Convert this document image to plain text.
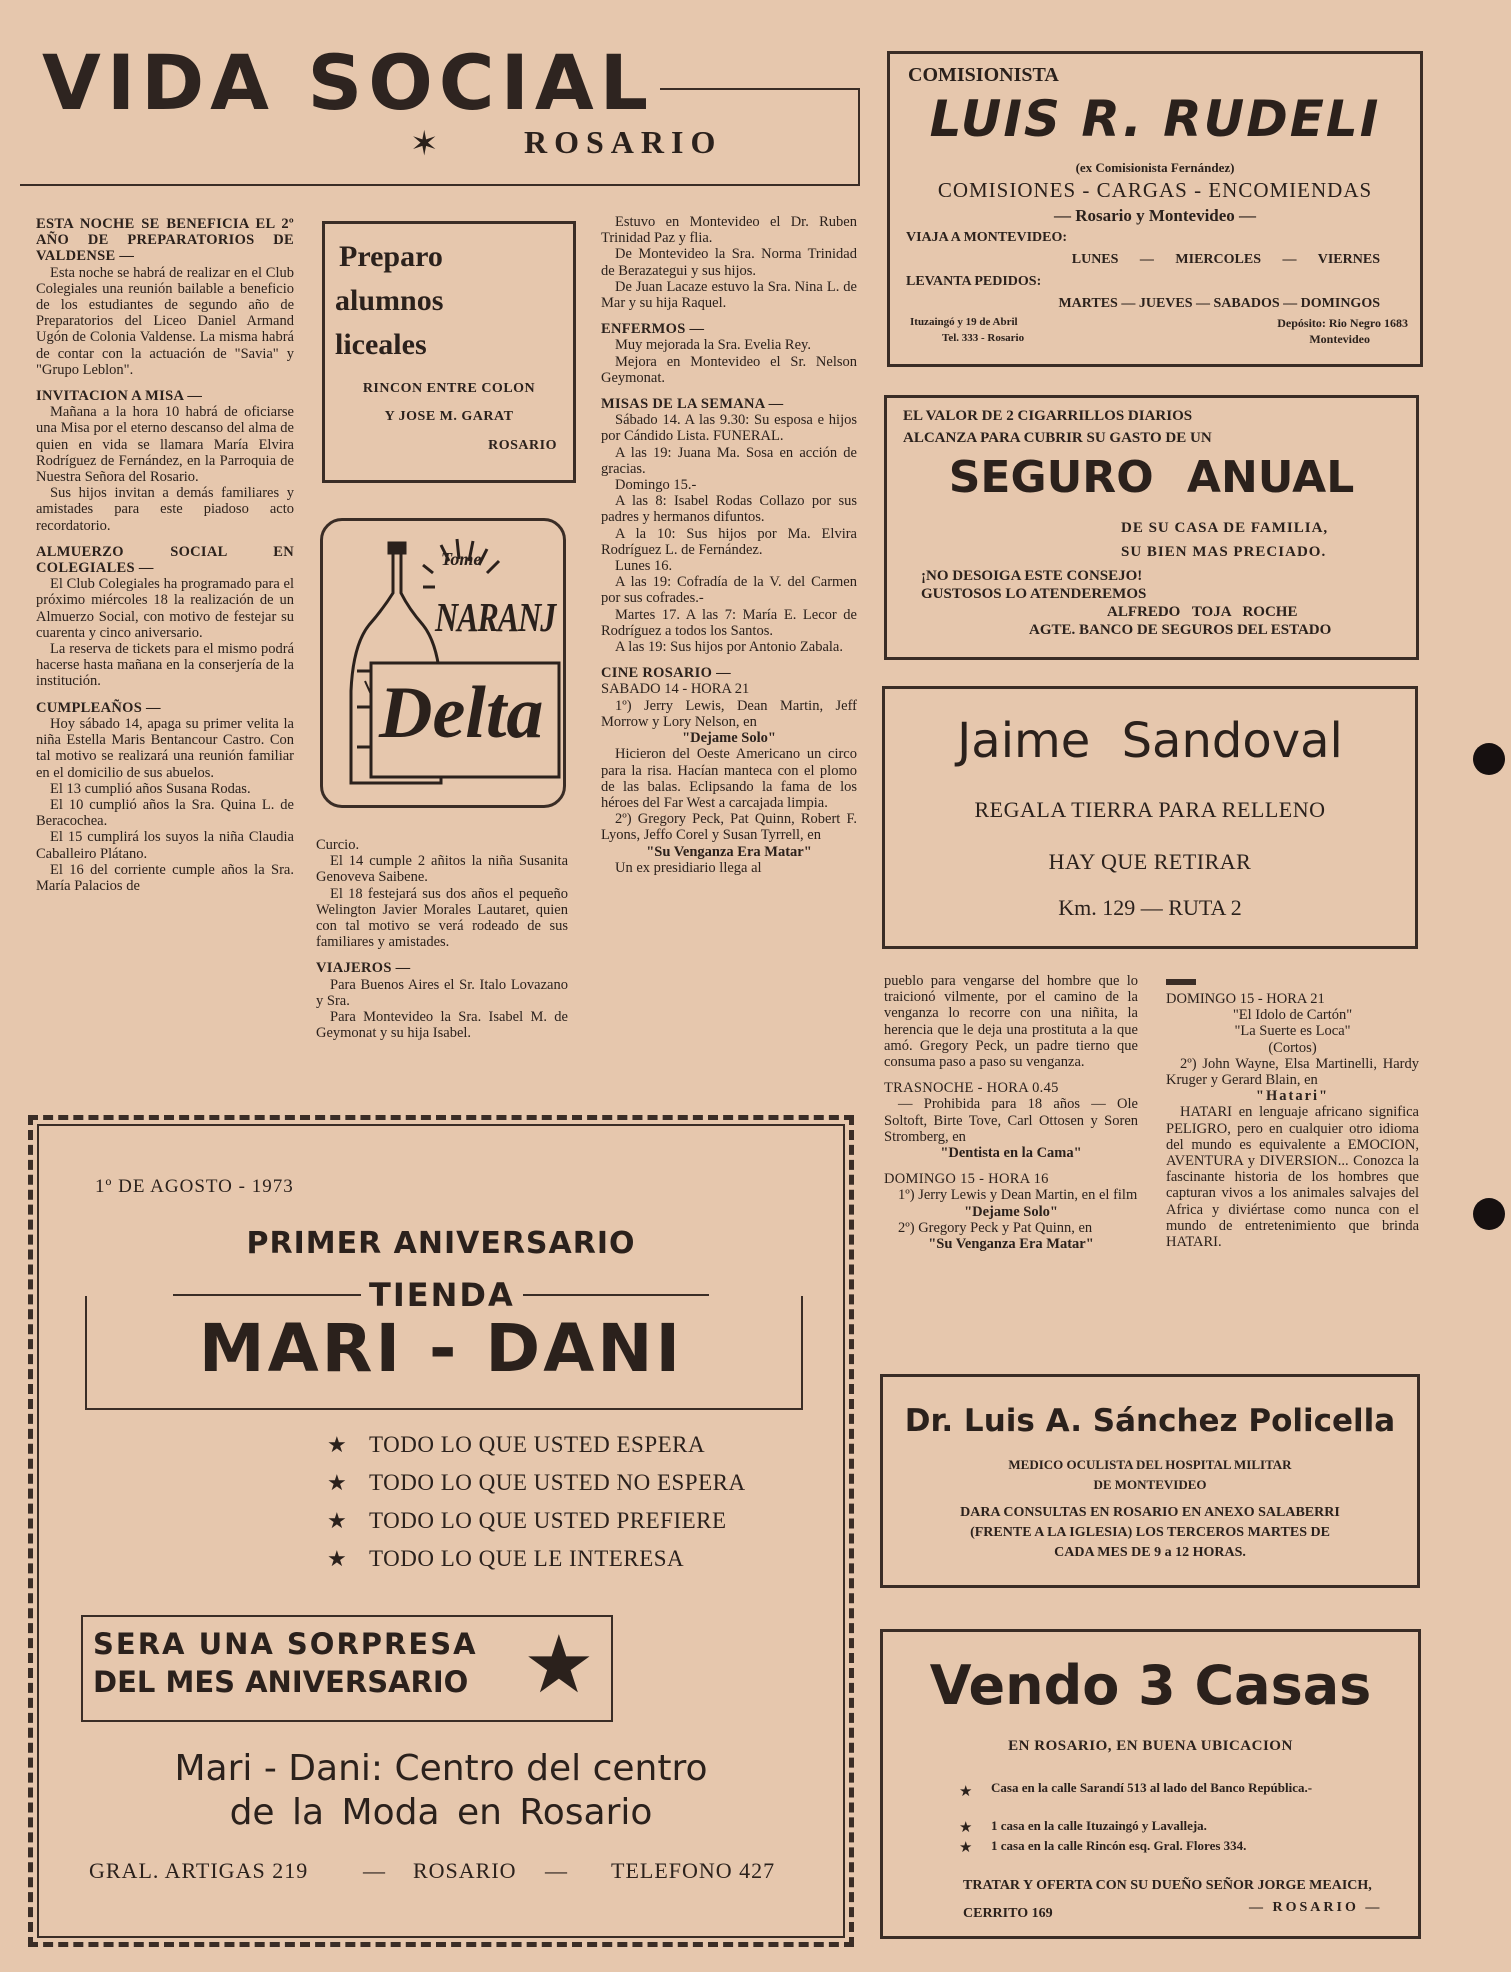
VIDA SOCIAL
✶	ROSARIO

ESTA NOCHE SE BENEFICIA EL 2º AÑO DE PREPARATORIOS DE VALDENSE —

Esta noche se habrá de realizar en el Club Colegiales una reunión bailable a beneficio de los estudiantes de segundo año de Preparatorios del Liceo Daniel Armand Ugón de Colonia Valdense. La misma habrá de contar con la actuación de "Savia" y "Grupo Leblon".

INVITACION A MISA —

Mañana a la hora 10 habrá de oficiarse una Misa por el eterno descanso del alma de quien en vida se llamara María Elvira Rodríguez de Fernández, en la Parroquia de Nuestra Señora del Rosario.

Sus hijos invitan a demás familiares y amistades para este piadoso acto recordatorio.

ALMUERZO SOCIAL EN COLEGIALES —

El Club Colegiales ha programado para el próximo miércoles 18 la realización de un Almuerzo Social, con motivo de festejar su cuarenta y cinco aniversario.

La reserva de tickets para el mismo podrá hacerse hasta mañana en la conserjería de la institución.

CUMPLEAÑOS —

Hoy sábado 14, apaga su primer velita la niña Estella Maris Bentancour Castro. Con tal motivo se realizará una reunión familiar en el domicilio de sus abuelos.

El 13 cumplió años Susana Rodas.

El 10 cumplió años la Sra. Quina L. de Beracochea.

El 15 cumplirá los suyos la niña Claudia Caballeiro Plátano.

El 16 del corriente cumple años la Sra. María Palacios de

Preparo
alumnos
liceales
RINCON ENTRE COLON
Y JOSE M. GARAT
ROSARIO
Tome
NARANJ
Delta

Curcio.

El 14 cumple 2 añitos la niña Susanita Genoveva Saibene.

El 18 festejará sus dos años el pequeño Welington Javier Morales Lautaret, quien con tal motivo se verá rodeado de sus familiares y amistades.

VIAJEROS —

Para Buenos Aires el Sr. Italo Lovazano y Sra.

Para Montevideo la Sra. Isabel M. de Geymonat y su hija Isabel.

Estuvo en Montevideo el Dr. Ruben Trinidad Paz y flia.

De Montevideo la Sra. Norma Trinidad de Berazategui y sus hijos.

De Juan Lacaze estuvo la Sra. Nina L. de Mar y su hija Raquel.

ENFERMOS —

Muy mejorada la Sra. Evelia Rey.

Mejora en Montevideo el Sr. Nelson Geymonat.

MISAS DE LA SEMANA —

Sábado 14. A las 9.30: Su esposa e hijos por Cándido Lista. FUNERAL.

A las 19: Juana Ma. Sosa en acción de gracias.

Domingo 15.-

A las 8: Isabel Rodas Collazo por sus padres y hermanos difuntos.

A la 10: Sus hijos por Ma. Elvira Rodríguez L. de Fernández.

Lunes 16.

A las 19: Cofradía de la V. del Carmen por sus cofrades.-

Martes 17. A las 7: María E. Lecor de Rodríguez a todos los Santos.

A las 19: Sus hijos por Antonio Zabala.

CINE ROSARIO —

SABADO 14 - HORA 21

1º) Jerry Lewis, Dean Martin, Jeff Morrow y Lory Nelson, en

"Dejame Solo"

Hicieron del Oeste Americano un circo para la risa. Hacían manteca con el plomo de las balas. Eclipsando la fama de los héroes del Far West a carcajada limpia.

2º) Gregory Peck, Pat Quinn, Robert F. Lyons, Jeffo Corel y Susan Tyrrell, en

"Su Venganza Era Matar"

Un ex presidiario llega al

COMISIONISTA
LUIS R. RUDELI
(ex Comisionista Fernández)
COMISIONES - CARGAS - ENCOMIENDAS
— Rosario y Montevideo —
VIAJA A MONTEVIDEO:
LUNES — MIERCOLES — VIERNES
LEVANTA PEDIDOS:
MARTES — JUEVES — SABADOS — DOMINGOS
Ituzaingó y 19 de Abril
Tel. 333 - Rosario
Depósito: Rio Negro 1683
Montevideo
EL VALOR DE 2 CIGARRILLOS DIARIOS
ALCANZA PARA CUBRIR SU GASTO DE UN
SEGURO ANUAL
DE SU CASA DE FAMILIA,
SU BIEN MAS PRECIADO.
¡NO DESOIGA ESTE CONSEJO!
GUSTOSOS LO ATENDEREMOS
ALFREDO TOJA ROCHE
AGTE. BANCO DE SEGUROS DEL ESTADO
Jaime Sandoval
REGALA TIERRA PARA RELLENO
HAY QUE RETIRAR
Km. 129 — RUTA 2

pueblo para vengarse del hombre que lo traicionó vilmente, por el camino de la venganza lo recorre con una niñita, la herencia que le deja una prostituta a la que amó. Gregory Peck, un padre tierno que consuma paso a paso su venganza.

TRASNOCHE - HORA 0.45

— Prohibida para 18 años — Ole Soltoft, Birte Tove, Carl Ottosen y Soren Stromberg, en

"Dentista en la Cama"

DOMINGO 15 - HORA 16

1º) Jerry Lewis y Dean Martin, en el film

"Dejame Solo"

2º) Gregory Peck y Pat Quinn, en

"Su Venganza Era Matar"

DOMINGO 15 - HORA 21

"El Idolo de Cartón"

"La Suerte es Loca"

(Cortos)

2º) John Wayne, Elsa Martinelli, Hardy Kruger y Gerard Blain, en

"Hatari"

HATARI en lenguaje africano significa PELIGRO, pero en cualquier otro idioma del mundo es equivalente a EMOCION, AVENTURA y DIVERSION... Conozca la fascinante historia de los hombres que capturan vivos a los animales salvajes del Africa y diviértase como nunca con el mundo de entretenimiento que brinda HATARI.

1º DE AGOSTO - 1973
PRIMER ANIVERSARIO
TIENDA
MARI - DANI
★ TODO LO QUE USTED ESPERA
★ TODO LO QUE USTED NO ESPERA
★ TODO LO QUE USTED PREFIERE
★ TODO LO QUE LE INTERESA
SERA UNA SORPRESA
DEL MES ANIVERSARIO ★
Mari - Dani: Centro del centro
de la Moda en Rosario
GRAL. ARTIGAS 219 — ROSARIO — TELEFONO 427
Dr. Luis A. Sánchez Policella
MEDICO OCULISTA DEL HOSPITAL MILITAR
DE MONTEVIDEO
DARA CONSULTAS EN ROSARIO EN ANEXO SALABERRI
(FRENTE A LA IGLESIA) LOS TERCEROS MARTES DE
CADA MES DE 9 a 12 HORAS.
Vendo 3 Casas
EN ROSARIO, EN BUENA UBICACION
★ Casa en la calle Sarandí 513 al lado del Banco República.-
★ 1 casa en la calle Ituzaingó y Lavalleja.
★ 1 casa en la calle Rincón esq. Gral. Flores 334.
TRATAR Y OFERTA CON SU DUEÑO SEÑOR JORGE MEAICH, CERRITO 169	— ROSARIO —
